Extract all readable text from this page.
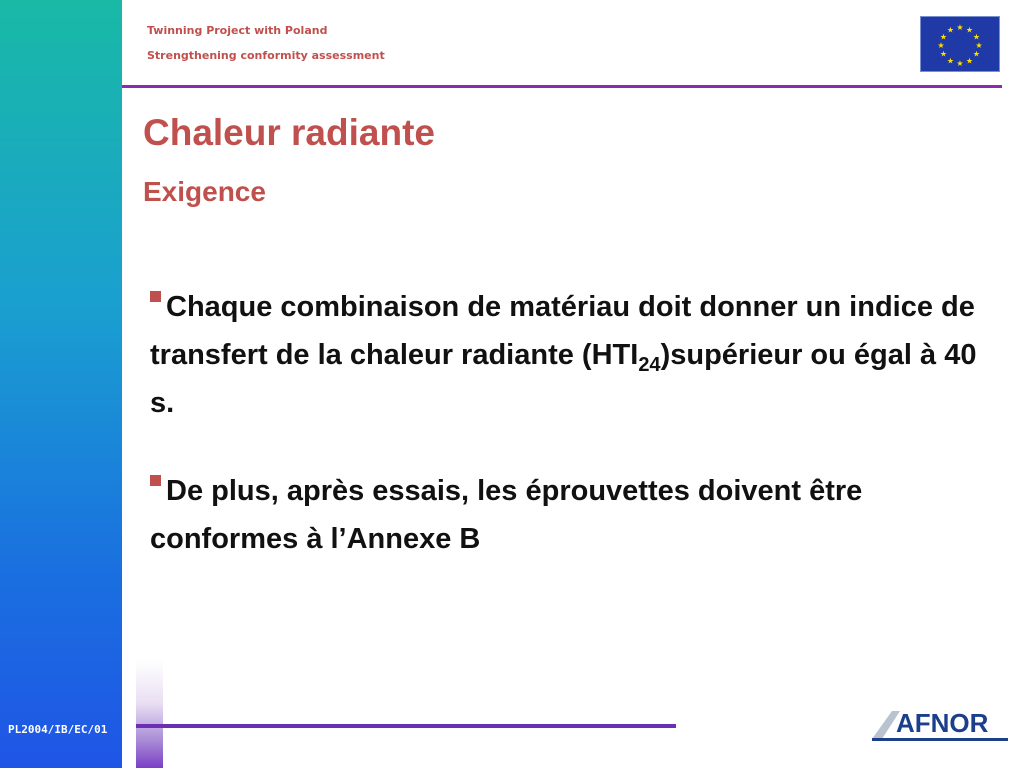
PL2004/IB/EC/01
Twinning Project with Poland
Strengthening conformity assessment
★ ★
★
★
★
★
★
★
★
★
★
★
Chaleur radiante
Exigence

Chaque combinaison de matériau doit donner un indice de transfert de la chaleur radiante $(HTI_{24})supérieur$ ou égal à 40 s.

De plus, après essais, les éprouvettes doivent être conformes à l’Annexe B

AFNOR
